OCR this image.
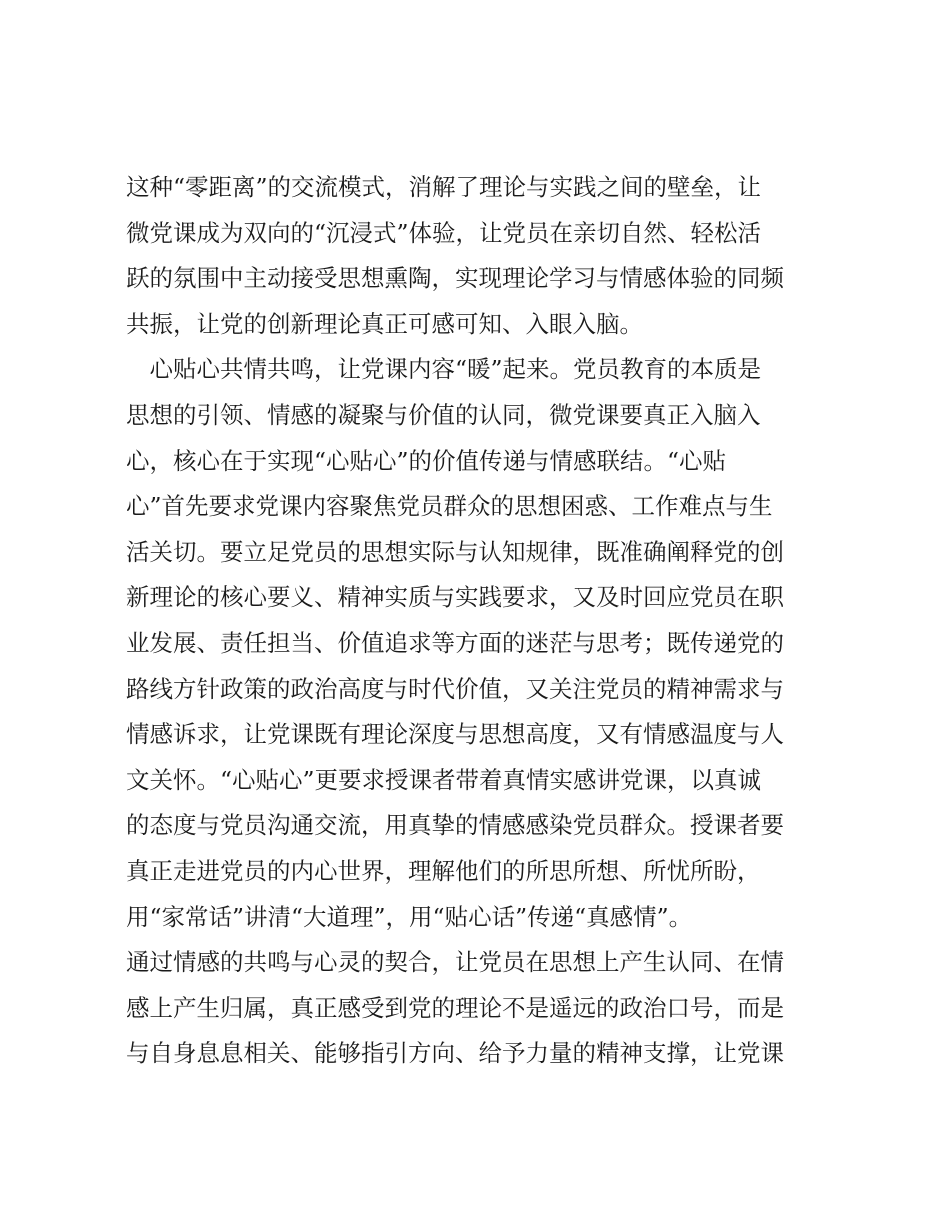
这种“零距离”的交流模式，消解了理论与实践之间的壁垒，让
微党课成为双向的“沉浸式”体验，让党员在亲切自然、轻松活
跃的氛围中主动接受思想熏陶，实现理论学习与情感体验的同频
共振，让党的创新理论真正可感可知、入眼入脑。
　心贴心共情共鸣，让党课内容“暖”起来。党员教育的本质是
思想的引领、情感的凝聚与价值的认同，微党课要真正入脑入
心，核心在于实现“心贴心”的价值传递与情感联结。“心贴
心”首先要求党课内容聚焦党员群众的思想困惑、工作难点与生
活关切。要立足党员的思想实际与认知规律，既准确阐释党的创
新理论的核心要义、精神实质与实践要求，又及时回应党员在职
业发展、责任担当、价值追求等方面的迷茫与思考；既传递党的
路线方针政策的政治高度与时代价值，又关注党员的精神需求与
情感诉求，让党课既有理论深度与思想高度，又有情感温度与人
文关怀。“心贴心”更要求授课者带着真情实感讲党课，以真诚
的态度与党员沟通交流，用真挚的情感感染党员群众。授课者要
真正走进党员的内心世界，理解他们的所思所想、所忧所盼，
用“家常话”讲清“大道理”，用“贴心话”传递“真感情”。
通过情感的共鸣与心灵的契合，让党员在思想上产生认同、在情
感上产生归属，真正感受到党的理论不是遥远的政治口号，而是
与自身息息相关、能够指引方向、给予力量的精神支撑，让党课
